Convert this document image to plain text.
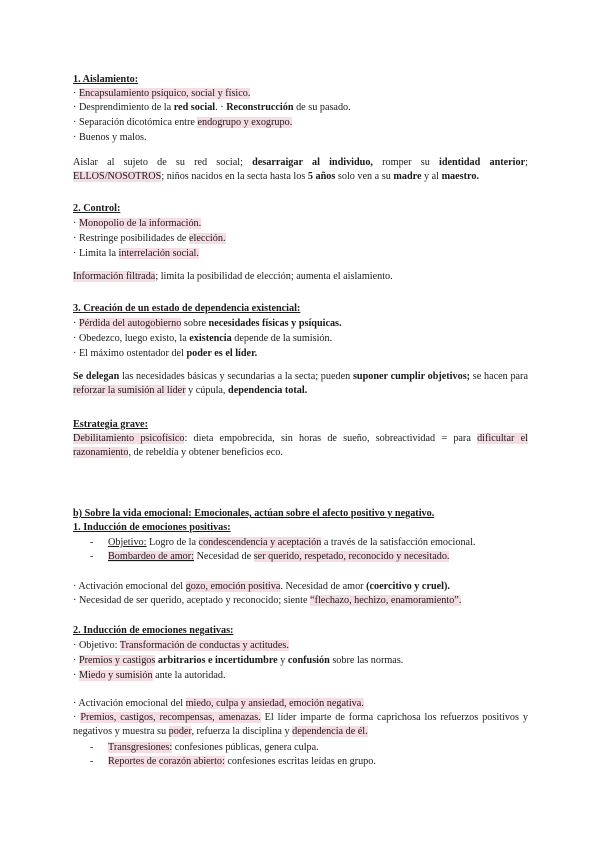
1. Aislamiento:
· Encapsulamiento psíquico, social y físico.
· Desprendimiento de la red social. · Reconstrucción de su pasado.
· Separación dicotómica entre endogrupo y exogrupo.
· Buenos y malos.
Aislar al sujeto de su red social; desarraigar al individuo, romper su identidad anterior; ELLOS/NOSOTROS; niños nacidos en la secta hasta los 5 años solo ven a su madre y al maestro.
2. Control:
· Monopolio de la información.
· Restringe posibilidades de elección.
· Limita la interrelación social.
Información filtrada; limita la posibilidad de elección; aumenta el aislamiento.
3. Creación de un estado de dependencia existencial:
· Pérdida del autogobierno sobre necesidades físicas y psíquicas.
· Obedezco, luego existo, la existencia depende de la sumisión.
· El máximo ostentador del poder es el líder.
Se delegan las necesidades básicas y secundarias a la secta; pueden suponer cumplir objetivos; se hacen para reforzar la sumisión al líder y cúpula, dependencia total.
Estrategia grave:
Debilitamiento psicofísico: dieta empobrecida, sin horas de sueño, sobreactividad = para dificultar el razonamiento, de rebeldía y obtener beneficios eco.
b) Sobre la vida emocional: Emocionales, actúan sobre el afecto positivo y negativo.
1. Inducción de emociones positivas:
- Objetivo: Logro de la condescendencia y aceptación a través de la satisfacción emocional.
- Bombardeo de amor: Necesidad de ser querido, respetado, reconocido y necesitado.
· Activación emocional del gozo, emoción positiva. Necesidad de amor (coercitivo y cruel).
· Necesidad de ser querido, aceptado y reconocido; siente “flechazo, hechizo, enamoramiento”.
2. Inducción de emociones negativas:
· Objetivo: Transformación de conductas y actitudes.
· Premios y castigos arbitrarios e incertidumbre y confusión sobre las normas.
· Miedo y sumisión ante la autoridad.
· Activación emocional del miedo, culpa y ansiedad, emoción negativa.
· Premios, castigos, recompensas, amenazas. El líder imparte de forma caprichosa los refuerzos positivos y negativos y muestra su poder, refuerza la disciplina y dependencia de él.
- Transgresiones: confesiones públicas, genera culpa.
- Reportes de corazón abierto: confesiones escritas leídas en grupo.
